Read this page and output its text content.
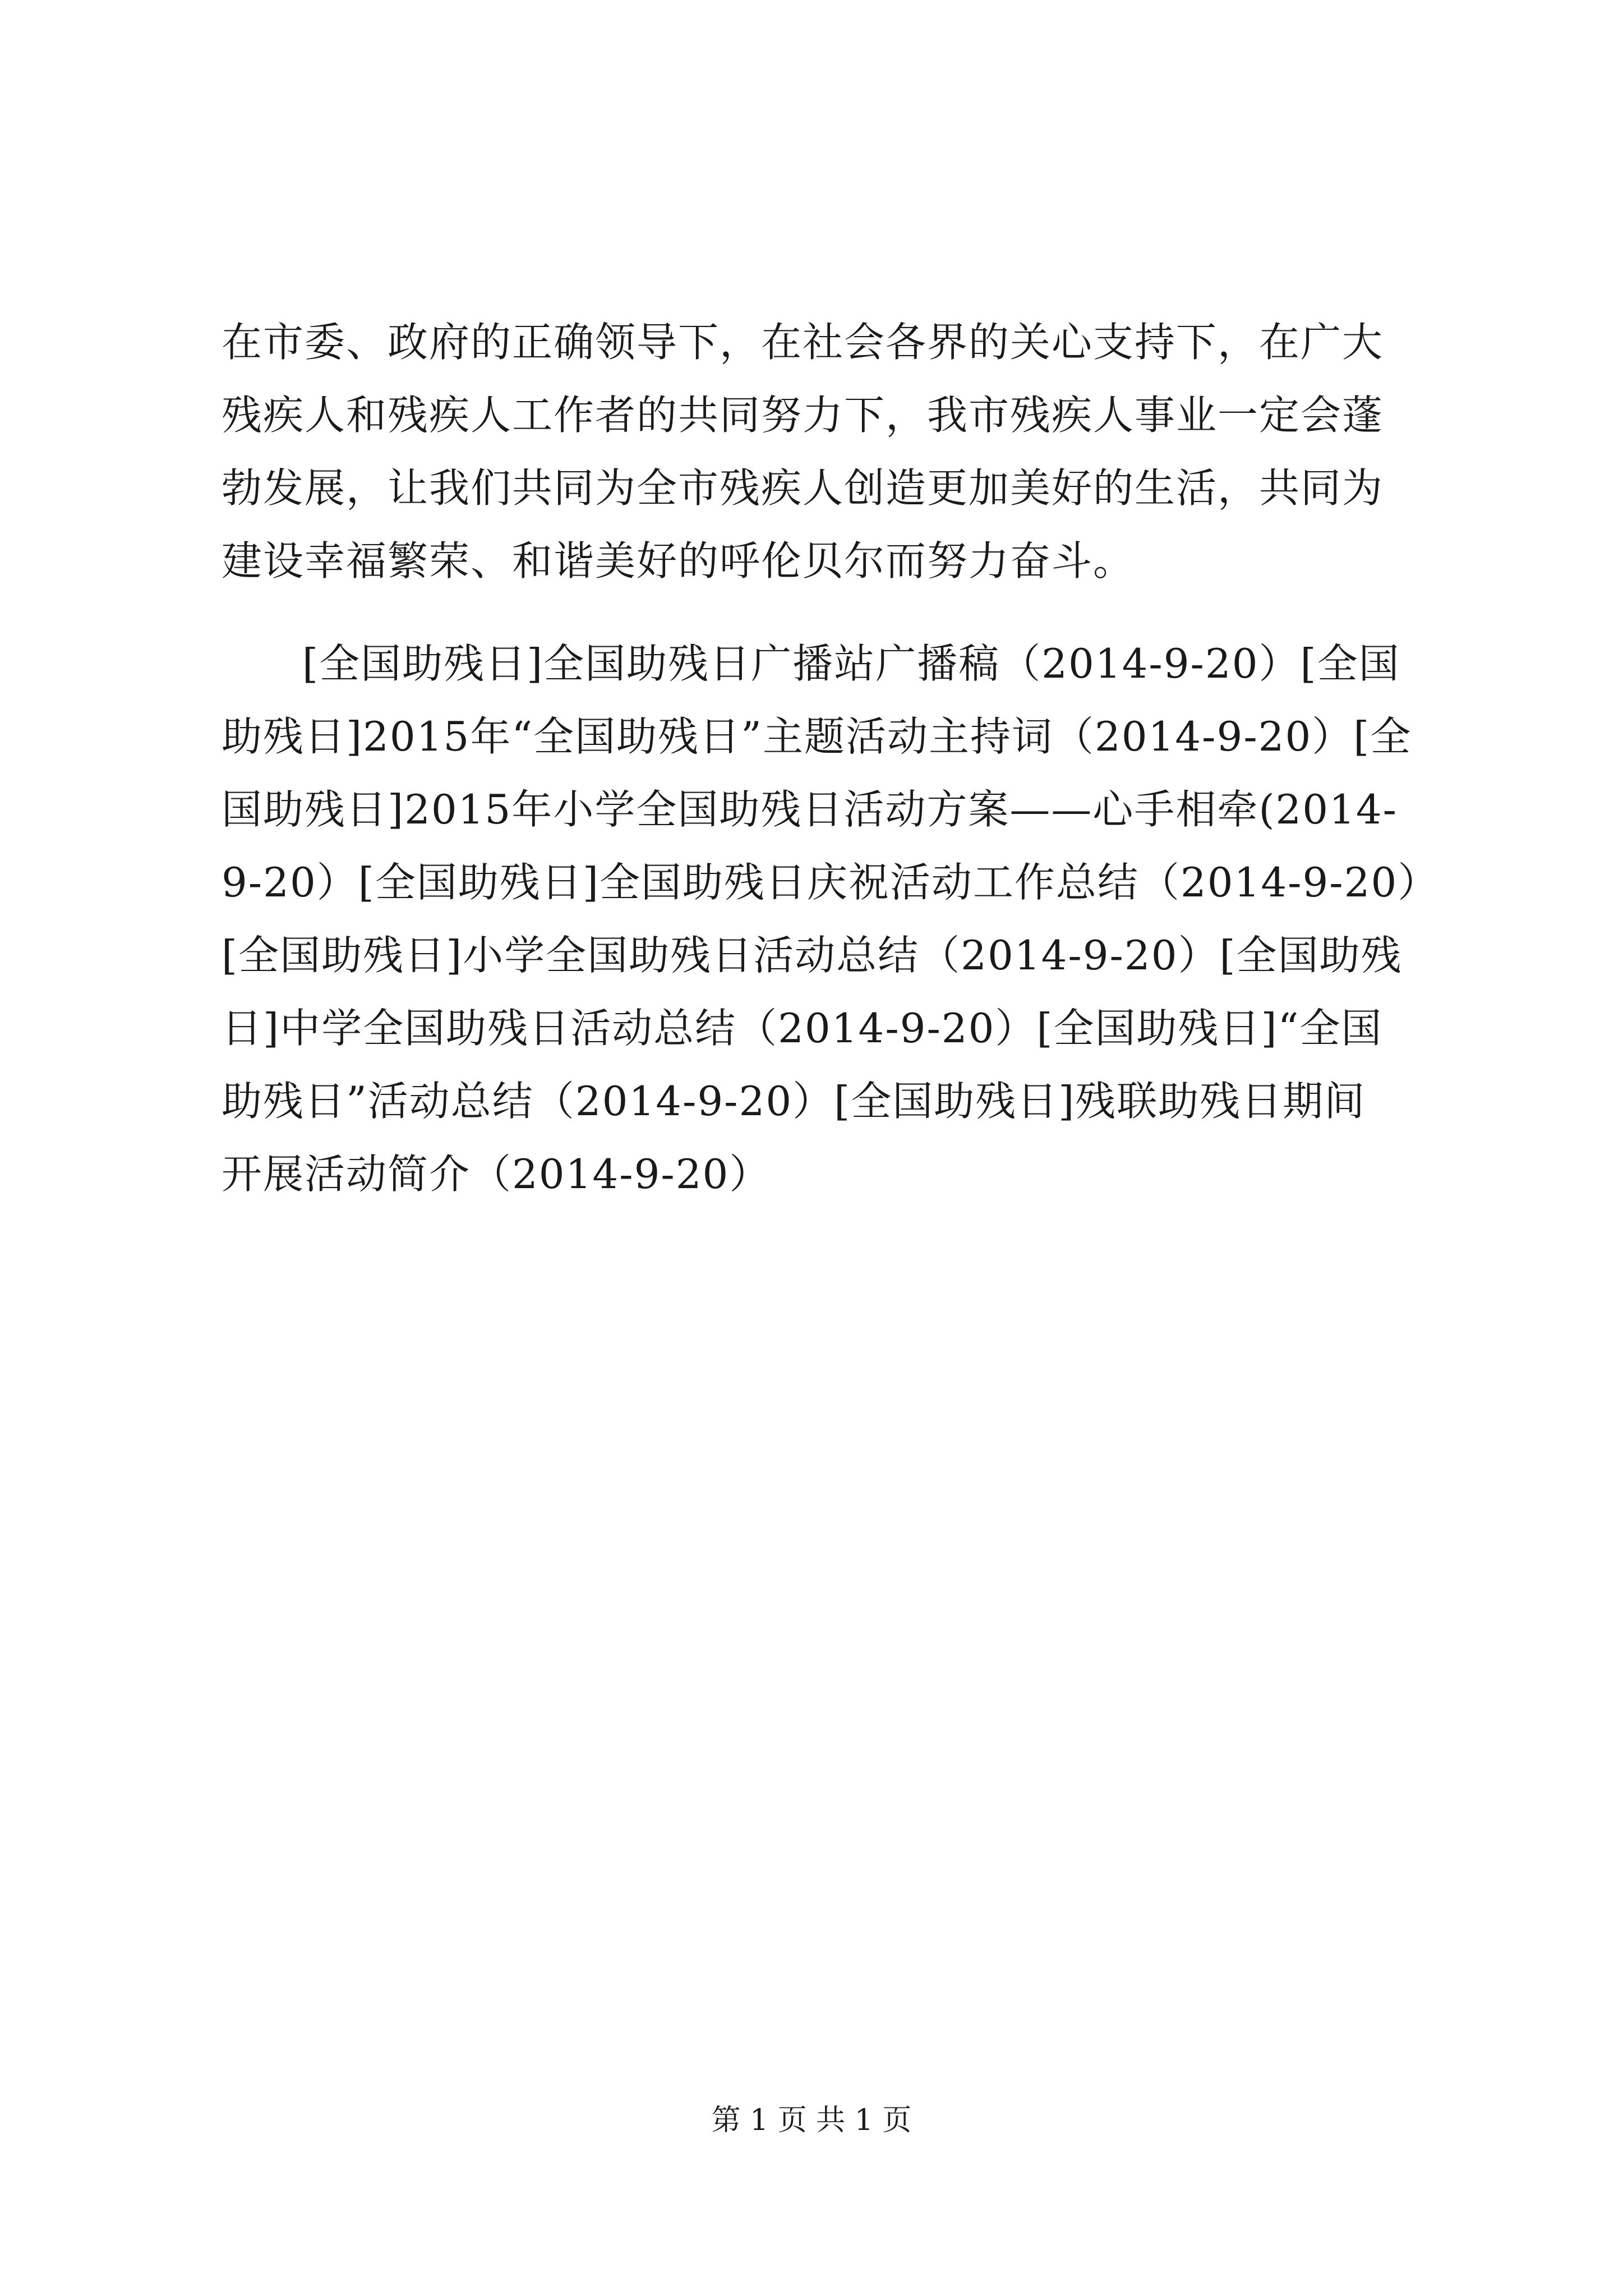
在市委、政府的正确领导下，在社会各界的关心支持下，在广大
残疾人和残疾人工作者的共同努力下，我市残疾人事业一定会蓬
勃发展，让我们共同为全市残疾人创造更加美好的生活，共同为
建设幸福繁荣、和谐美好的呼伦贝尔而努力奋斗。
[全国助残日]全国助残日广播站广播稿（2014-9-20）[全国
助残日]2015年“全国助残日”主题活动主持词（2014-9-20）[全
国助残日]2015年小学全国助残日活动方案——心手相牵(2014-
9-20）[全国助残日]全国助残日庆祝活动工作总结（2014-9-20）
[全国助残日]小学全国助残日活动总结（2014-9-20）[全国助残
日]中学全国助残日活动总结（2014-9-20）[全国助残日]“全国
助残日”活动总结（2014-9-20）[全国助残日]残联助残日期间
开展活动简介（2014-9-20）
第 1 页 共 1 页
